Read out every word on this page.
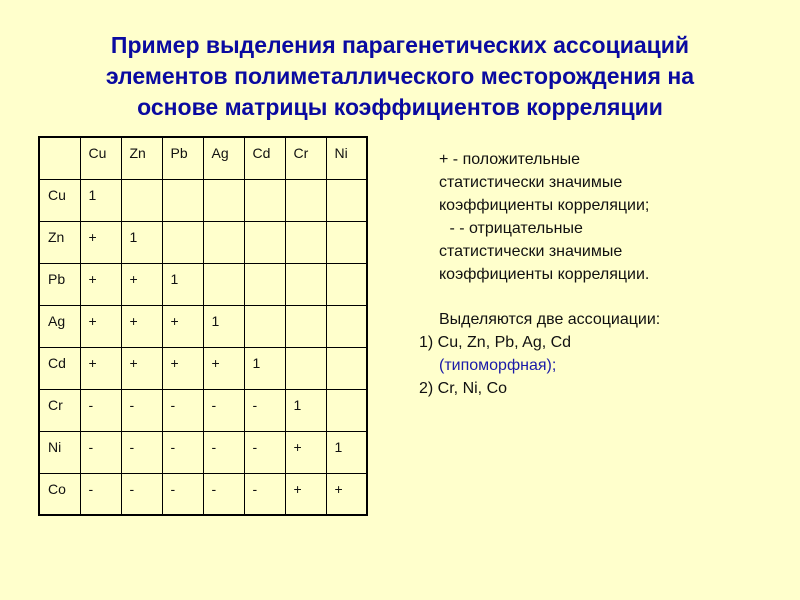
Пример выделения парагенетических ассоциаций
элементов полиметаллического месторождения на
основе матрицы коэффициентов корреляции
	Cu	Zn	Pb	Ag	Cd	Cr	Ni
Cu	1						
Zn	+	1					
Pb	+	+	1				
Ag	+	+	+	1			
Cd	+	+	+	+	1		
Cr	-	-	-	-	-	1	
Ni	-	-	-	-	-	+	1
Co	-	-	-	-	-	+	+
+ - положительные
статистически значимые
коэффициенты корреляции;
- - отрицательные
статистически значимые
коэффициенты корреляции.
Выделяются две ассоциации:
1) Cu, Zn, Pb, Ag, Cd
(типоморфная);
2) Cr, Ni, Co
